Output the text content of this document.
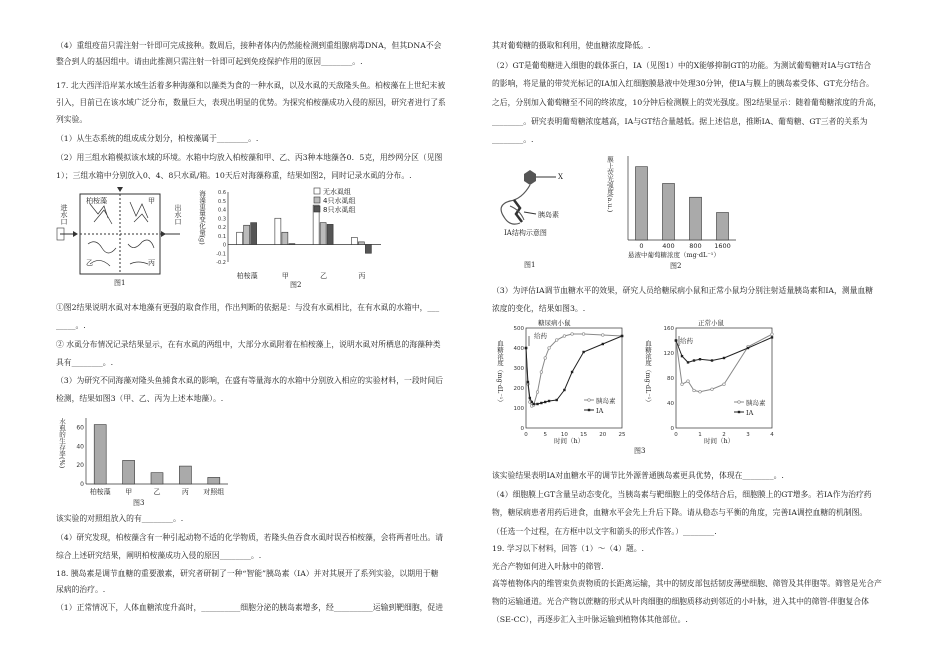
（4）重组疫苗只需注射一针即可完成接种。数周后，接种者体内仍然能检测到重组腺病毒DNA，但其DNA不会
整合到人的基因组中。请由此推测只需注射一针即可起到免疫保护作用的原因________。.
17. 北大西洋沿岸某水域生活着多种海藻和以藻类为食的一种水虱，以及水虱的天敌隆头鱼。柏桉藻在上世纪末被
引入，目前已在该水域广泛分布，数量巨大，表现出明显的优势。为探究柏桉藻成功入侵的原因，研究者进行了系
列实验。
（1）从生态系统的组成成分划分，柏桉藻属于________。.
（2）用三组水箱模拟该水域的环境。水箱中均放入柏桉藻和甲、乙、丙3种本地藻各0．5克，用纱网分区（见图
1）；三组水箱中分别放入0、4、8只水虱/箱。10天后对海藻称重，结果如图2，同时记录水虱的分布。.
进水口	出水口
柏桉藻	甲
乙	丙
图1
0.6
0.5
0.4
0.3
0.2
0.1
0
-0.1
-0.2
柏桉藻	甲	乙	丙
无水虱组
4只水虱组
8只水虱组
海藻重量变化量(g)
图2
①图2结果说明水虱对本地藻有更强的取食作用，作出判断的依据是：与没有水虱相比，在有水虱的水箱中，___
_____。.
② 水虱分布情况记录结果显示，在有水虱的两组中，大部分水虱附着在柏桉藻上，说明水虱对所栖息的海藻种类
具有________。.
（3）为研究不同海藻对隆头鱼捕食水虱的影响，在盛有等量海水的水箱中分别放入相应的实验材料，一段时间后
检测，结果如图3（甲、乙、丙为上述本地藻）。.
60
40
20
0
柏桉藻 甲	乙	丙 对照组
水虱的生存率(%)
图3
该实验的对照组放入的有________。.
（4）研究发现，柏桉藻含有一种引起动物不适的化学物质，若隆头鱼吞食水虱时误吞柏桉藻，会将两者吐出。请
综合上述研究结果，阐明柏桉藻成功入侵的原因________。.
18. 胰岛素是调节血糖的重要激素，研究者研制了一种“智能”胰岛素（IA）并对其展开了系列实验，以期用于糖
尿病的治疗。.
（1）正常情况下，人体血糖浓度升高时，__________细胞分泌的胰岛素增多，经__________运输到靶细胞，促进
其对葡萄糖的摄取和利用，使血糖浓度降低。.
（2）GT是葡萄糖进入细胞的载体蛋白，IA（见图1）中的X能够抑制GT的功能。为测试葡萄糖对IA与GT结合
的影响，将足量的带荧光标记的IA加入红细胞膜悬液中处理30分钟，使IA与膜上的胰岛素受体、GT充分结合。
之后，分别加入葡萄糖至不同的终浓度，10分钟后检测膜上的荧光强度。图2结果显示：随着葡萄糖浓度的升高，
________。研究表明葡萄糖浓度越高，IA与GT结合量越低。据上述信息，推断IA、葡萄糖、GT三者的关系为
________。.
X
胰岛素
IA结构示意图
图1
0	400 800 1600
膜上荧光强度(a.u.)
悬液中葡萄糖浓度（mg·dL⁻¹）
图2
（3）为评估IA调节血糖水平的效果，研究人员给糖尿病小鼠和正常小鼠均分别注射适量胰岛素和IA，测量血糖
浓度的变化，结果如图3。.
500
400
300
200
100
0
0	5	10 15 20 25
160
120
80
40
0
0	1	2	3	4
糖尿病小鼠	正常小鼠
血糖浓度（mg·dL⁻¹）	血糖浓度（mg·dL⁻¹）
给药
给药
时间（h）	时间（h）
胰岛素
IA
胰岛素
IA
图3
该实验结果表明IA对血糖水平的调节比外源普通胰岛素更具优势，体现在________。.
（4）细胞膜上GT含量呈动态变化，当胰岛素与靶细胞上的受体结合后，细胞膜上的GT增多。若IA作为治疗药
物，糖尿病患者用药后进食，血糖水平会先上升后下降。请从稳态与平衡的角度，完善IA调控血糖的机制图。
（任选一个过程，在方框中以文字和箭头的形式作答。）________.
19. 学习以下材料，回答（1）～（4）题。.
光合产物如何进入叶脉中的筛管.
高等植物体内的维管束负责物质的长距离运输，其中的韧皮部包括韧皮薄壁细胞、筛管及其伴胞等。筛管是光合产
物的运输通道。光合产物以蔗糖的形式从叶肉细胞的细胞质移动到邻近的小叶脉，进入其中的筛管-伴胞复合体
（SE-CC），再逐步汇入主叶脉运输到植物体其他部位。.
